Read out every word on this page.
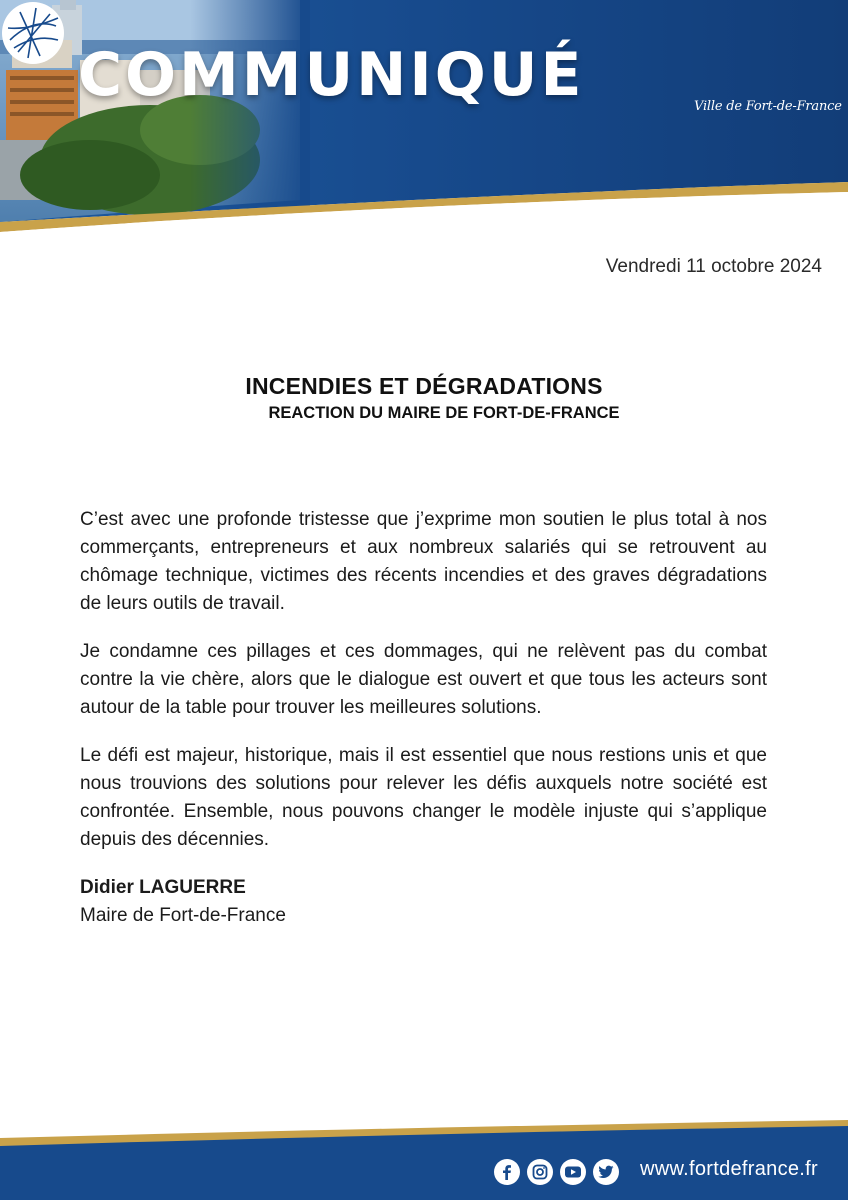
COMMUNIQUÉ	Ville de Fort-de-France
Vendredi 11 octobre 2024
INCENDIES ET DÉGRADATIONS
REACTION DU MAIRE DE FORT-DE-FRANCE

C’est avec une profonde tristesse que j’exprime mon soutien le plus total à nos commerçants, entrepreneurs et aux nombreux salariés qui se retrouvent au chômage technique, victimes des récents incendies et des graves dégradations de leurs outils de travail.

Je condamne ces pillages et ces dommages, qui ne relèvent pas du combat contre la vie chère, alors que le dialogue est ouvert et que tous les acteurs sont autour de la table pour trouver les meilleures solutions.

Le défi est majeur, historique, mais il est essentiel que nous restions unis et que nous trouvions des solutions pour relever les défis auxquels notre société est confrontée. Ensemble, nous pouvons changer le modèle injuste qui s’applique depuis des décennies.

Didier LAGUERRE
Maire de Fort-de-France
www.fortdefrance.fr
